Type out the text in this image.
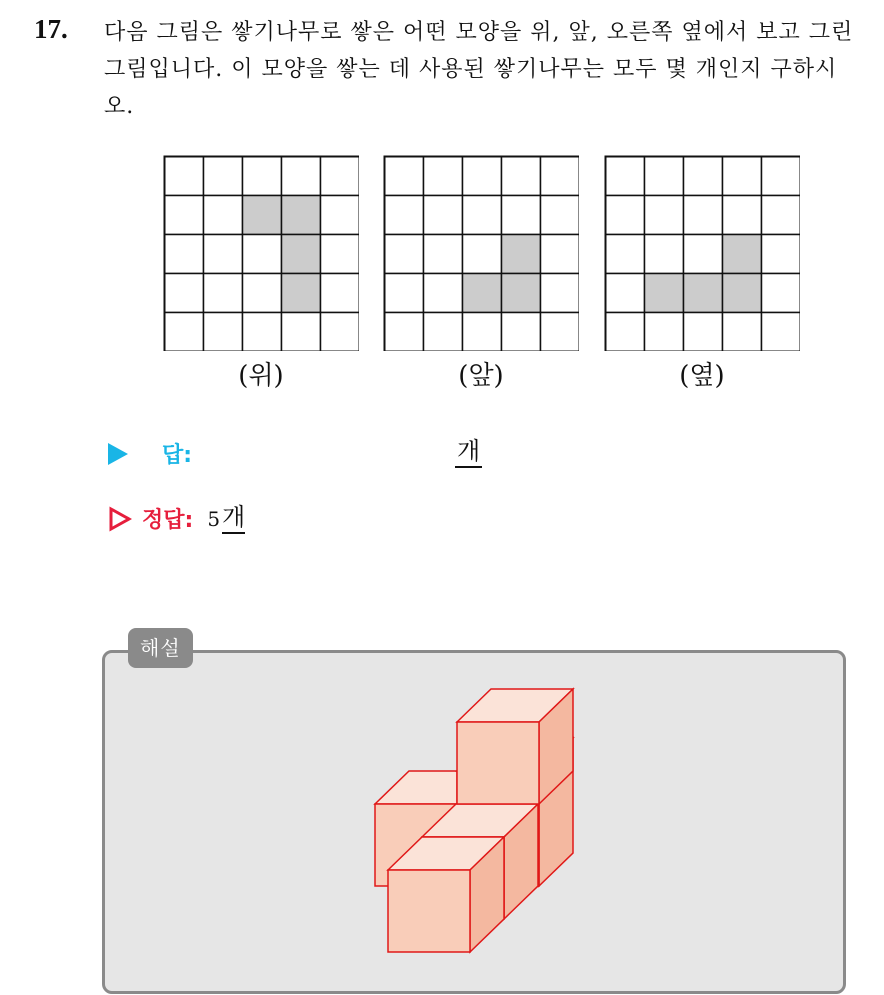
17. 다음 그림은 쌓기나무로 쌓은 어떤 모양을 위, 앞, 오른쪽 옆에서 보고 그린 그림입니다. 이 모양을 쌓는 데 사용된 쌓기나무는 모두 몇 개인지 구하시오.
(위)	(앞)	(옆)
답:	개
정답: 5 개
해설
